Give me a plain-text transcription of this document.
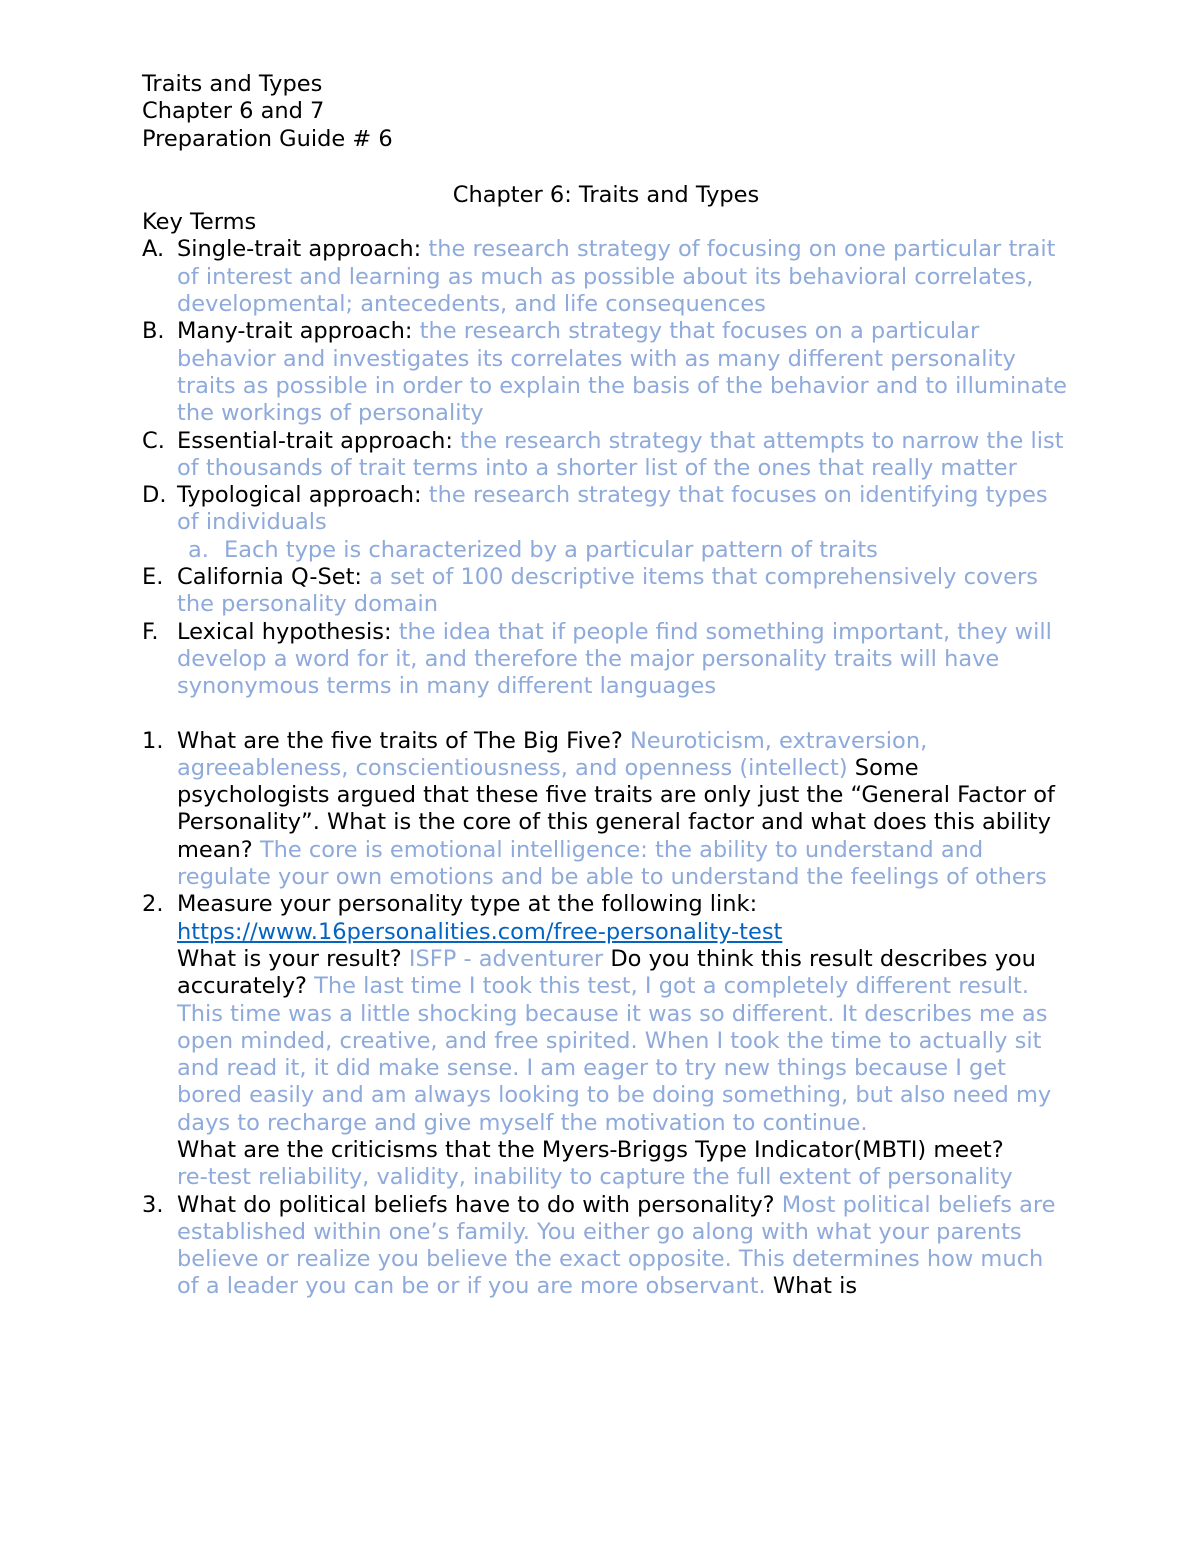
Traits and Types
Chapter 6 and 7
Preparation Guide # 6
Chapter 6: Traits and Types
Key Terms
A. Single-trait approach: the research strategy of focusing on one particular trait of interest and learning as much as possible about its behavioral correlates, developmental; antecedents, and life consequences
B. Many-trait approach: the research strategy that focuses on a particular behavior and investigates its correlates with as many different personality traits as possible in order to explain the basis of the behavior and to illuminate the workings of personality
C. Essential-trait approach: the research strategy that attempts to narrow the list of thousands of trait terms into a shorter list of the ones that really matter
D. Typological approach: the research strategy that focuses on identifying types of individuals
a. Each type is characterized by a particular pattern of traits
E. California Q-Set: a set of 100 descriptive items that comprehensively covers the personality domain
F. Lexical hypothesis: the idea that if people find something important, they will develop a word for it, and therefore the major personality traits will have synonymous terms in many different languages
1. What are the five traits of The Big Five? Neuroticism, extraversion, agreeableness, conscientiousness, and openness (intellect) Some psychologists argued that these five traits are only just the “General Factor of Personality”. What is the core of this general factor and what does this ability mean? The core is emotional intelligence: the ability to understand and regulate your own emotions and be able to understand the feelings of others
2. Measure your personality type at the following link:
https://www.16personalities.com/free-personality-test
What is your result? ISFP - adventurer Do you think this result describes you accurately? The last time I took this test, I got a completely different result. This time was a little shocking because it was so different. It describes me as open minded, creative, and free spirited. When I took the time to actually sit and read it, it did make sense. I am eager to try new things because I get bored easily and am always looking to be doing something, but also need my days to recharge and give myself the motivation to continue.
What are the criticisms that the Myers-Briggs Type Indicator(MBTI) meet?
re-test reliability, validity, inability to capture the full extent of personality
3. What do political beliefs have to do with personality? Most political beliefs are established within one’s family. You either go along with what your parents believe or realize you believe the exact opposite. This determines how much of a leader you can be or if you are more observant. What is
